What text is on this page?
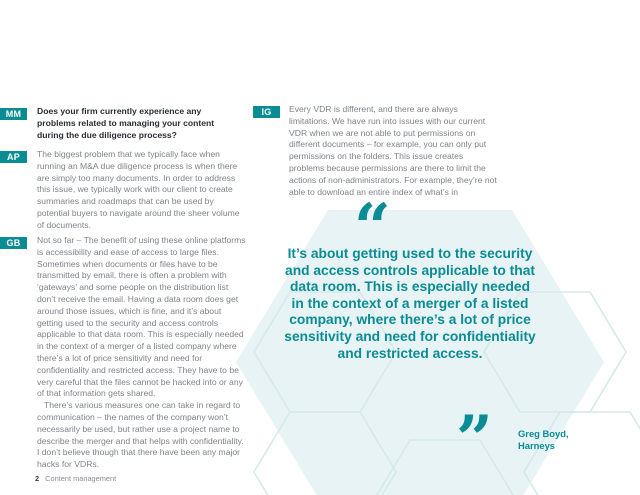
MM	Does your firm currently experience any problems related to managing your content during the due diligence process?
AP	The biggest problem that we typically face when running an M&A due diligence process is when there are simply too many documents. In order to address this issue, we typically work with our client to create summaries and roadmaps that can be used by potential buyers to navigate around the sheer volume of documents.
GB	Not so far – The benefit of using these online platforms is accessibility and ease of access to large files. Sometimes when documents or files have to be transmitted by email, there is often a problem with ‘gateways’ and some people on the distribution list don’t receive the email. Having a data room does get around those issues, which is fine, and it’s about getting used to the security and access controls applicable to that data room. This is especially needed in the context of a merger of a listed company where there’s a lot of price sensitivity and need for confidentiality and restricted access. They have to be very careful that the files cannot be hacked into or any of that information gets shared.

There’s various measures one can take in regard to communication – the names of the company won’t necessarily be used, but rather use a project name to describe the merger and that helps with confidentiality. I don’t believe though that there have been any major hacks for VDRs.

IG	Every VDR is different, and there are always limitations. We have run into issues with our current VDR when we are not able to put permissions on different documents – for example, you can only put permissions on the folders. This issue creates problems because permissions are there to limit the actions of non-administrators. For example, they’re not able to download an entire index of what’s in
“

It’s about getting used to the security and access controls applicable to that data room. This is especially needed in the context of a merger of a listed company, where there’s a lot of price sensitivity and need for confidentiality and restricted access.

”	Greg Boyd,
Harneys
2 Content management
